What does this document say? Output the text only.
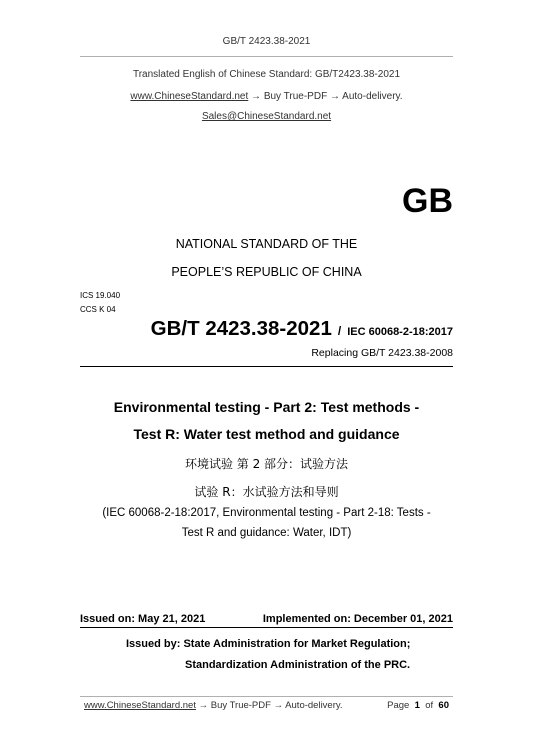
GB/T 2423.38-2021
Translated English of Chinese Standard: GB/T2423.38-2021
www.ChineseStandard.net → Buy True-PDF → Auto-delivery.
Sales@ChineseStandard.net
GB
NATIONAL STANDARD OF THE
PEOPLE’S REPUBLIC OF CHINA
ICS 19.040
CCS K 04
GB/T 2423.38-2021 / IEC 60068-2-18:2017
Replacing GB/T 2423.38-2008
Environmental testing - Part 2: Test methods -
Test R: Water test method and guidance
环境试验 第 2 部分：试验方法
试验 R：水试验方法和导则
(IEC 60068-2-18:2017, Environmental testing - Part 2-18: Tests -
Test R and guidance: Water, IDT)
Issued on: May 21, 2021	Implemented on: December 01, 2021
Issued by: State Administration for Market Regulation;
Standardization Administration of the PRC.
www.ChineseStandard.net → Buy True-PDF → Auto-delivery.	Page 1 of 60
